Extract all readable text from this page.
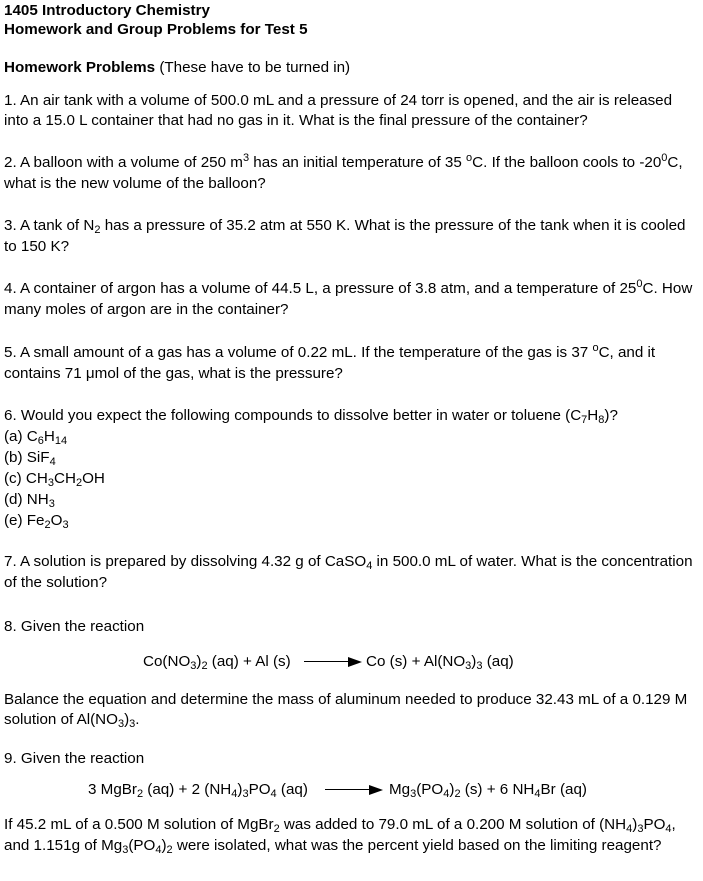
1405 Introductory Chemistry
Homework and Group Problems for Test 5
Homework Problems (These have to be turned in)

1. An air tank with a volume of 500.0 mL and a pressure of 24 torr is opened, and the air is released into a 15.0 L container that had no gas in it. What is the final pressure of the container?

2. A balloon with a volume of 250 $m^3$ has an initial temperature of 35 $^o$C. If the balloon cools to $-20^0C$, what is the new volume of the balloon?

3. A tank of N2 has a pressure of 35.2 atm at 550 K. What is the pressure of the tank when it is cooled to 150 K?

4. A container of argon has a volume of 44.5 L, a pressure of 3.8 atm, and a temperature of $25^0C$. How many moles of argon are in the container?

5. A small amount of a gas has a volume of 0.22 mL. If the temperature of the gas is 37 $^o$C, and it contains 71 μmol of the gas, what is the pressure?

6. Would you expect the following compounds to dissolve better in water or toluene (C7H8)?

(a) C6H14

(b) SiF4

(c) CH3CH2OH

(d) NH3

(e) Fe2O3

7. A solution is prepared by dissolving 4.32 g of CaSO4 in 500.0 mL of water. What is the concentration of the solution?

8. Given the reaction

Co(NO3)2 (aq) + Al (s)	Co (s) + Al(NO3)3 (aq)

Balance the equation and determine the mass of aluminum needed to produce 32.43 mL of a 0.129 M solution of Al(NO3)3.

9. Given the reaction

3 MgBr2 (aq) + 2 (NH4)3PO4 (aq)	Mg3(PO4)2 (s) + 6 NH4Br (aq)

If 45.2 mL of a 0.500 M solution of MgBr2 was added to 79.0 mL of a 0.200 M solution of (NH4)3PO4, and 1.151g of Mg3(PO4)2 were isolated, what was the percent yield based on the limiting reagent?
